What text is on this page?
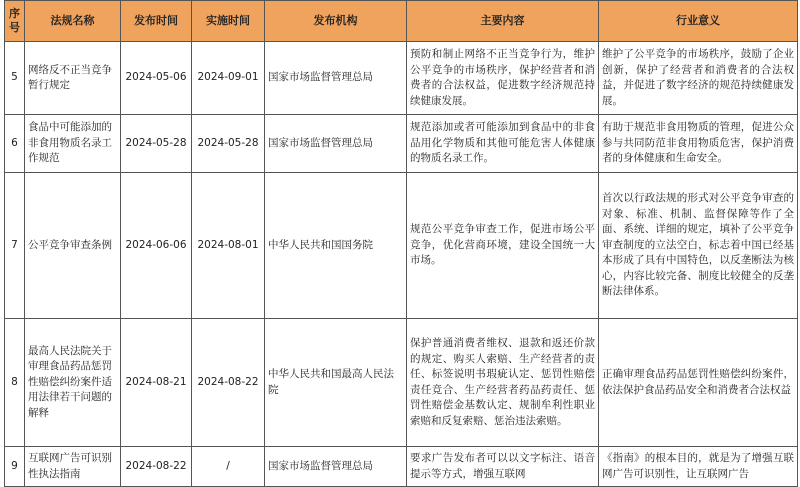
序号	法规名称	发布时间	实施时间	发布机构	主要内容	行业意义
5	网络反不正当竞争暂行规定	2024-05-06	2024-09-01	国家市场监督管理总局	预防和制止网络不正当竞争行为，维护公平竞争的市场秩序，保护经营者和消费者的合法权益，促进数字经济规范持续健康发展。	维护了公平竞争的市场秩序，鼓励了企业创新，保护了经营者和消费者的合法权益，并促进了数字经济的规范持续健康发展。
6	食品中可能添加的非食用物质名录工作规范	2024-05-28	2024-05-28	国家市场监督管理总局	规范添加或者可能添加到食品中的非食品用化学物质和其他可能危害人体健康的物质名录工作。	有助于规范非食用物质的管理，促进公众参与共同防范非食用物质危害，保护消费者的身体健康和生命安全。
7	公平竞争审查条例	2024-06-06	2024-08-01	中华人民共和国国务院	规范公平竞争审查工作，促进市场公平竞争，优化营商环境，建设全国统一大市场。	首次以行政法规的形式对公平竞争审查的对象、标准、机制、监督保障等作了全面、系统、详细的规定，填补了公平竞争审查制度的立法空白，标志着中国已经基本形成了具有中国特色，以反垄断法为核心，内容比较完备、制度比较健全的反垄断法律体系。
8	最高人民法院关于审理食品药品惩罚性赔偿纠纷案件适用法律若干问题的解释	2024-08-21	2024-08-22	中华人民共和国最高人民法院	保护普通消费者维权、退款和返还价款的规定、购买人索赔、生产经营者的责任、标签说明书瑕疵认定、惩罚性赔偿责任竞合、生产经营者药品药责任、惩罚性赔偿金基数认定、规制牟利性职业索赔和反复索赔、惩治违法索赔。	正确审理食品药品惩罚性赔偿纠纷案件，依法保护食品药品安全和消费者合法权益
9	互联网广告可识别性执法指南	2024-08-22	/	国家市场监督管理总局	要求广告发布者可以以文字标注、语音提示等方式，增强互联网	《指南》的根本目的，就是为了增强互联网广告可识别性，让互联网广告
